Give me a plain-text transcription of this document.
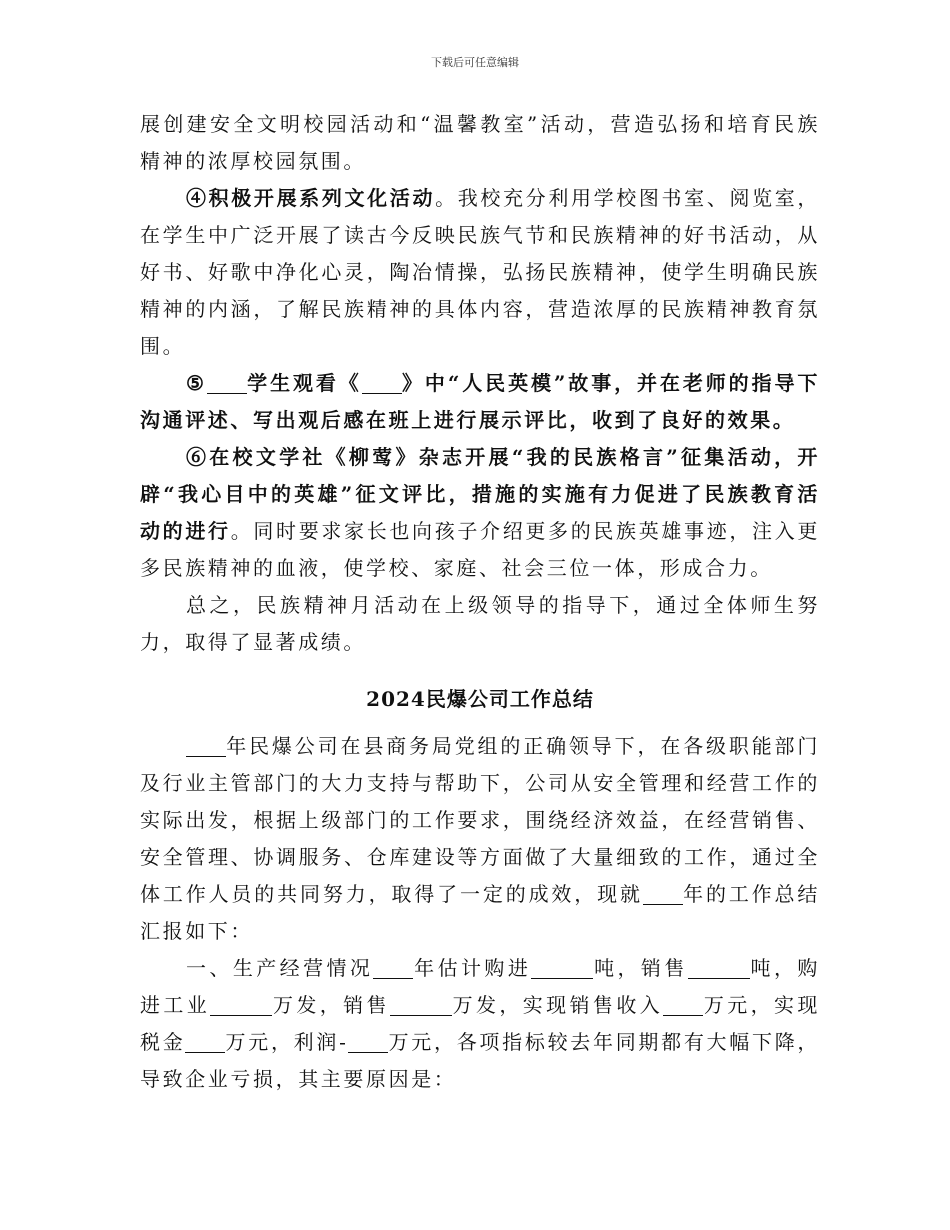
下载后可任意编辑

展创建安全文明校园活动和“温馨教室”活动，营造弘扬和培育民族精神的浓厚校园氛围。

④积极开展系列文化活动。我校充分利用学校图书室、阅览室，在学生中广泛开展了读古今反映民族气节和民族精神的好书活动，从好书、好歌中净化心灵，陶冶情操，弘扬民族精神，使学生明确民族精神的内涵，了解民族精神的具体内容，营造浓厚的民族精神教育氛围。

⑤ 学生观看《 》中“人民英模”故事，并在老师的指导下沟通评述、写出观后感在班上进行展示评比，收到了良好的效果。

⑥在校文学社《柳莺》杂志开展“我的民族格言”征集活动，开辟“我心目中的英雄”征文评比，措施的实施有力促进了民族教育活动的进行。同时要求家长也向孩子介绍更多的民族英雄事迹，注入更多民族精神的血液，使学校、家庭、社会三位一体，形成合力。

总之，民族精神月活动在上级领导的指导下，通过全体师生努力，取得了显著成绩。

2024民爆公司工作总结

年民爆公司在县商务局党组的正确领导下，在各级职能部门及行业主管部门的大力支持与帮助下，公司从安全管理和经营工作的实际出发，根据上级部门的工作要求，围绕经济效益，在经营销售、安全管理、协调服务、仓库建设等方面做了大量细致的工作，通过全体工作人员的共同努力，取得了一定的成效，现就 年的工作总结汇报如下：

一、生产经营情况 年估计购进	吨，销售	吨，购进工业	万发，销售	万发，实现销售收入 万元，实现税金 万元，利润- 万元，各项指标较去年同期都有大幅下降，导致企业亏损，其主要原因是：
